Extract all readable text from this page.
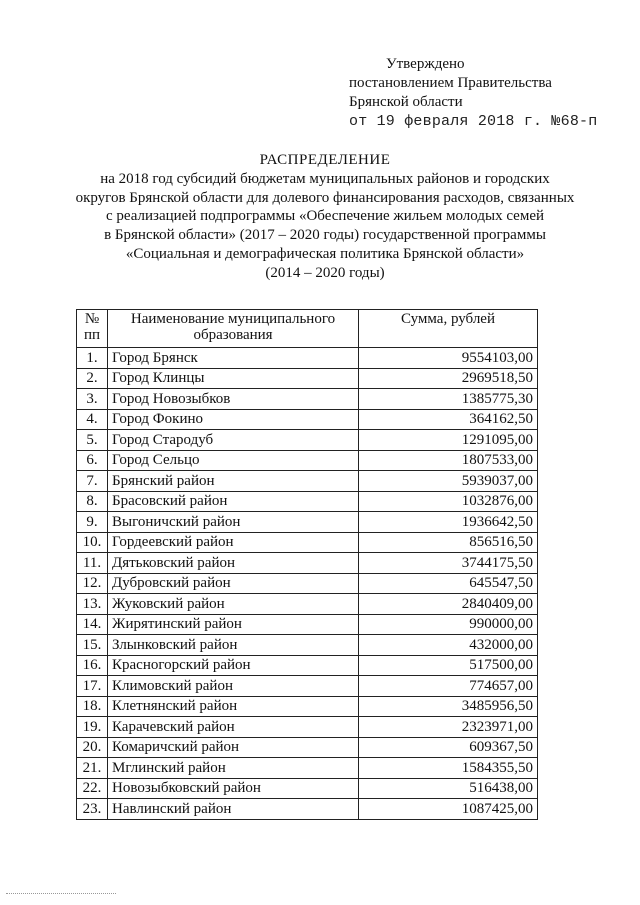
Утверждено
постановлением Правительства
Брянской области
от 19 февраля 2018 г. №68-п
РАСПРЕДЕЛЕНИЕ
на 2018 год субсидий бюджетам муниципальных районов и городских
округов Брянской области для долевого финансирования расходов, связанных
с реализацией подпрограммы «Обеспечение жильем молодых семей
в Брянской области» (2017 – 2020 годы) государственной программы
«Социальная и демографическая политика Брянской области»
(2014 – 2020 годы)
№ пп	Наименование муниципального образования	Сумма, рублей
1.	Город Брянск	9554103,00
2.	Город Клинцы	2969518,50
3.	Город Новозыбков	1385775,30
4.	Город Фокино	364162,50
5.	Город Стародуб	1291095,00
6.	Город Сельцо	1807533,00
7.	Брянский район	5939037,00
8.	Брасовский район	1032876,00
9.	Выгоничский район	1936642,50
10.	Гордеевский район	856516,50
11.	Дятьковский район	3744175,50
12.	Дубровский район	645547,50
13.	Жуковский район	2840409,00
14.	Жирятинский район	990000,00
15.	Злынковский район	432000,00
16.	Красногорский район	517500,00
17.	Климовский район	774657,00
18.	Клетнянский район	3485956,50
19.	Карачевский район	2323971,00
20.	Комаричский район	609367,50
21.	Мглинский район	1584355,50
22.	Новозыбковский район	516438,00
23.	Навлинский район	1087425,00
